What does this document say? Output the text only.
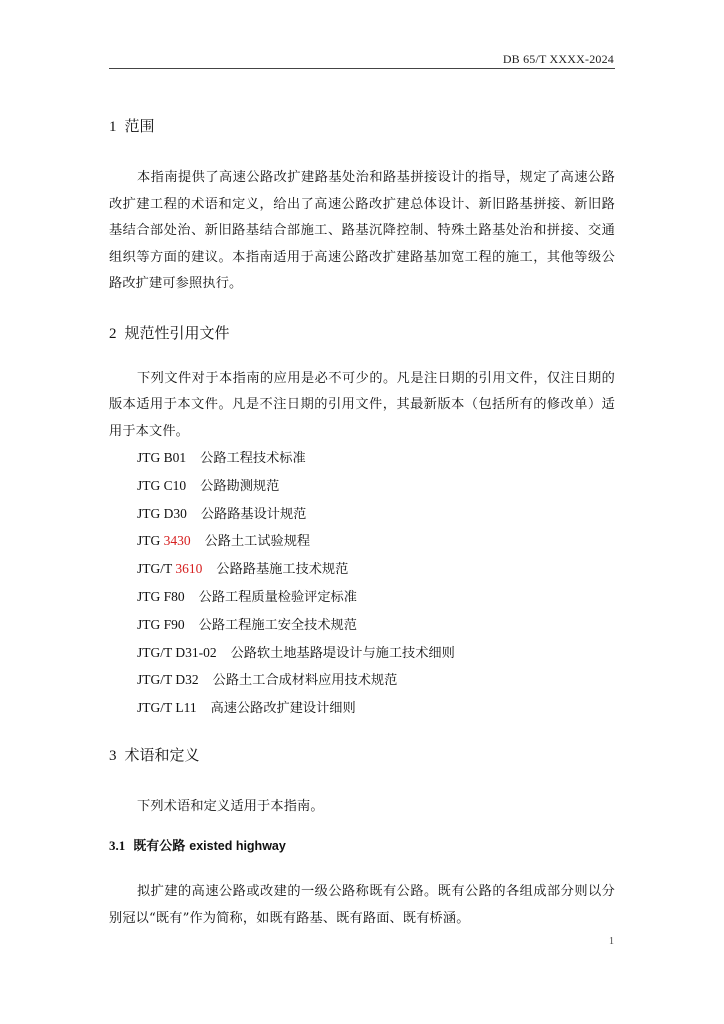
DB 65/T XXXX-2024
1 范围

本指南提供了高速公路改扩建路基处治和路基拼接设计的指导，规定了高速公路改扩建工程的术语和定义，给出了高速公路改扩建总体设计、新旧路基拼接、新旧路基结合部处治、新旧路基结合部施工、路基沉降控制、特殊土路基处治和拼接、交通组织等方面的建议。本指南适用于高速公路改扩建路基加宽工程的施工，其他等级公路改扩建可参照执行。

2 规范性引用文件

下列文件对于本指南的应用是必不可少的。凡是注日期的引用文件，仅注日期的版本适用于本文件。凡是不注日期的引用文件，其最新版本（包括所有的修改单）适用于本文件。

JTG B01 公路工程技术标准
JTG C10 公路勘测规范
JTG D30 公路路基设计规范
JTG 3430 公路土工试验规程
JTG/T 3610 公路路基施工技术规范
JTG F80 公路工程质量检验评定标准
JTG F90 公路工程施工安全技术规范
JTG/T D31-02 公路软土地基路堤设计与施工技术细则
JTG/T D32 公路土工合成材料应用技术规范
JTG/T L11 高速公路改扩建设计细则
3 术语和定义

下列术语和定义适用于本指南。

3.1 既有公路 existed highway

拟扩建的高速公路或改建的一级公路称既有公路。既有公路的各组成部分则以分别冠以“既有”作为简称，如既有路基、既有路面、既有桥涵。

1
